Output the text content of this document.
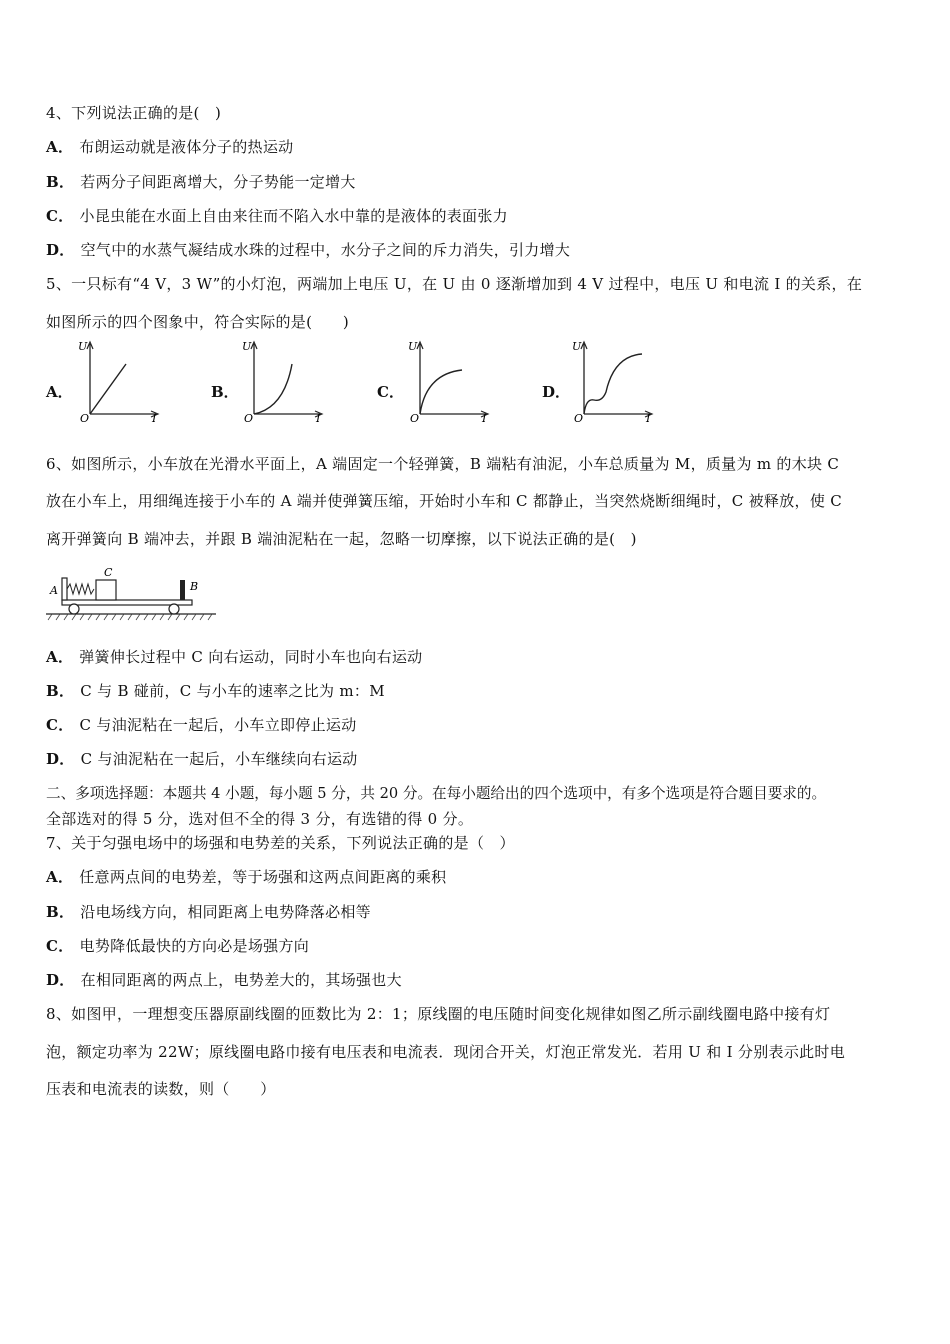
4、下列说法正确的是(　)
A． 布朗运动就是液体分子的热运动
B． 若两分子间距离增大，分子势能一定增大
C． 小昆虫能在水面上自由来往而不陷入水中靠的是液体的表面张力
D． 空气中的水蒸气凝结成水珠的过程中，水分子之间的斥力消失，引力增大
5、一只标有“4 V，3 W”的小灯泡，两端加上电压 U，在 U 由 0 逐渐增加到 4 V 过程中，电压 U 和电流 I 的关系，在
如图所示的四个图象中，符合实际的是(　　)
A．
U
O	I
B．
U
O	I
C．
U
O	I
D．
U
O	I
6、如图所示，小车放在光滑水平面上，A 端固定一个轻弹簧，B 端粘有油泥，小车总质量为 M，质量为 m 的木块 C
放在小车上，用细绳连接于小车的 A 端并使弹簧压缩，开始时小车和 C 都静止，当突然烧断细绳时，C 被释放，使 C
离开弹簧向 B 端冲去，并跟 B 端油泥粘在一起，忽略一切摩擦，以下说法正确的是(　)
A	B
C
A． 弹簧伸长过程中 C 向右运动，同时小车也向右运动
B． C 与 B 碰前，C 与小车的速率之比为 m：M
C． C 与油泥粘在一起后，小车立即停止运动
D． C 与油泥粘在一起后，小车继续向右运动
二、多项选择题：本题共 4 小题，每小题 5 分，共 20 分。在每小题给出的四个选项中，有多个选项是符合题目要求的。
全部选对的得 5 分，选对但不全的得 3 分，有选错的得 0 分。
7、关于匀强电场中的场强和电势差的关系，下列说法正确的是（　）
A． 任意两点间的电势差，等于场强和这两点间距离的乘积
B． 沿电场线方向，相同距离上电势降落必相等
C． 电势降低最快的方向必是场强方向
D． 在相同距离的两点上，电势差大的，其场强也大
8、如图甲，一理想变压器原副线圈的匝数比为 2：1；原线圈的电压随时间变化规律如图乙所示副线圈电路中接有灯
泡，额定功率为 22W；原线圈电路巾接有电压表和电流表．现闭合开关，灯泡正常发光．若用 U 和 I 分别表示此时电
压表和电流表的读数，则（　　）
